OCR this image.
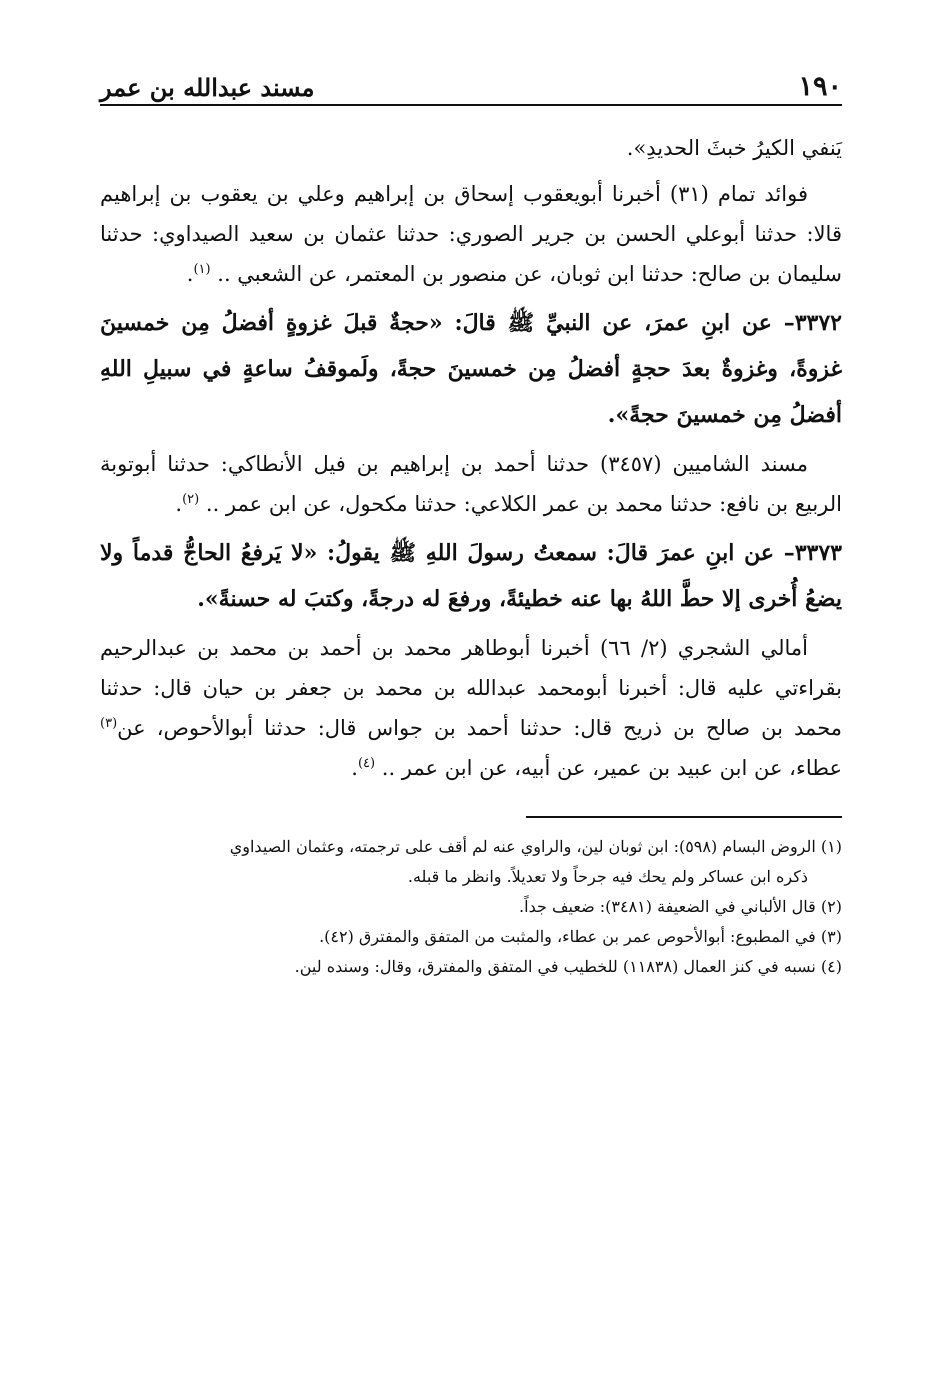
١٩٠
مسند عبدالله بن عمر

يَنفي الكيرُ خبثَ الحديدِ».

فوائد تمام (٣١) أخبرنا أبويعقوب إسحاق بن إبراهيم وعلي بن يعقوب بن إبراهيم قالا: حدثنا أبوعلي الحسن بن جرير الصوري: حدثنا عثمان بن سعيد الصيداوي: حدثنا سليمان بن صالح: حدثنا ابن ثوبان، عن منصور بن المعتمر، عن الشعبي .. $^{(١)}$.

٣٣٧٢– عن ابنِ عمرَ، عن النبيِّ ﷺ قالَ: «حجةٌ قبلَ غزوةٍ أفضلُ مِن خمسينَ غزوةً، وغزوةٌ بعدَ حجةٍ أفضلُ مِن خمسينَ حجةً، ولَموقفُ ساعةٍ في سبيلِ اللهِ أفضلُ مِن خمسينَ حجةً».

مسند الشاميين (٣٤٥٧) حدثنا أحمد بن إبراهيم بن فيل الأنطاكي: حدثنا أبوتوبة الربيع بن نافع: حدثنا محمد بن عمر الكلاعي: حدثنا مكحول، عن ابن عمر .. $^{(٢)}$.

٣٣٧٣– عن ابنِ عمرَ قالَ: سمعتُ رسولَ اللهِ ﷺ يقولُ: «لا يَرفعُ الحاجُّ قدماً ولا يضعُ أُخرى إلا حطَّ اللهُ بها عنه خطيئةً، ورفعَ له درجةً، وكتبَ له حسنةً».

أمالي الشجري (٢/ ٦٦) أخبرنا أبوطاهر محمد بن أحمد بن محمد بن عبدالرحيم بقراءتي عليه قال: أخبرنا أبومحمد عبدالله بن محمد بن جعفر بن حيان قال: حدثنا محمد بن صالح بن ذريح قال: حدثنا أحمد بن جواس قال: حدثنا أبوالأحوص، عن$^{(٣)}$ عطاء، عن ابن عبيد بن عمير، عن أبيه، عن ابن عمر .. $^{(٤)}$.

(١) الروض البسام (٥٩٨): ابن ثوبان لين، والراوي عنه لم أقف على ترجمته، وعثمان الصيداوي

ذكره ابن عساكر ولم يحك فيه جرحاً ولا تعديلاً. وانظر ما قبله.

(٢) قال الألباني في الضعيفة (٣٤٨١): ضعيف جداً.

(٣) في المطبوع: أبوالأحوص عمر بن عطاء، والمثبت من المتفق والمفترق (٤٢).

(٤) نسبه في كنز العمال (١١٨٣٨) للخطيب في المتفق والمفترق، وقال: وسنده لين.
